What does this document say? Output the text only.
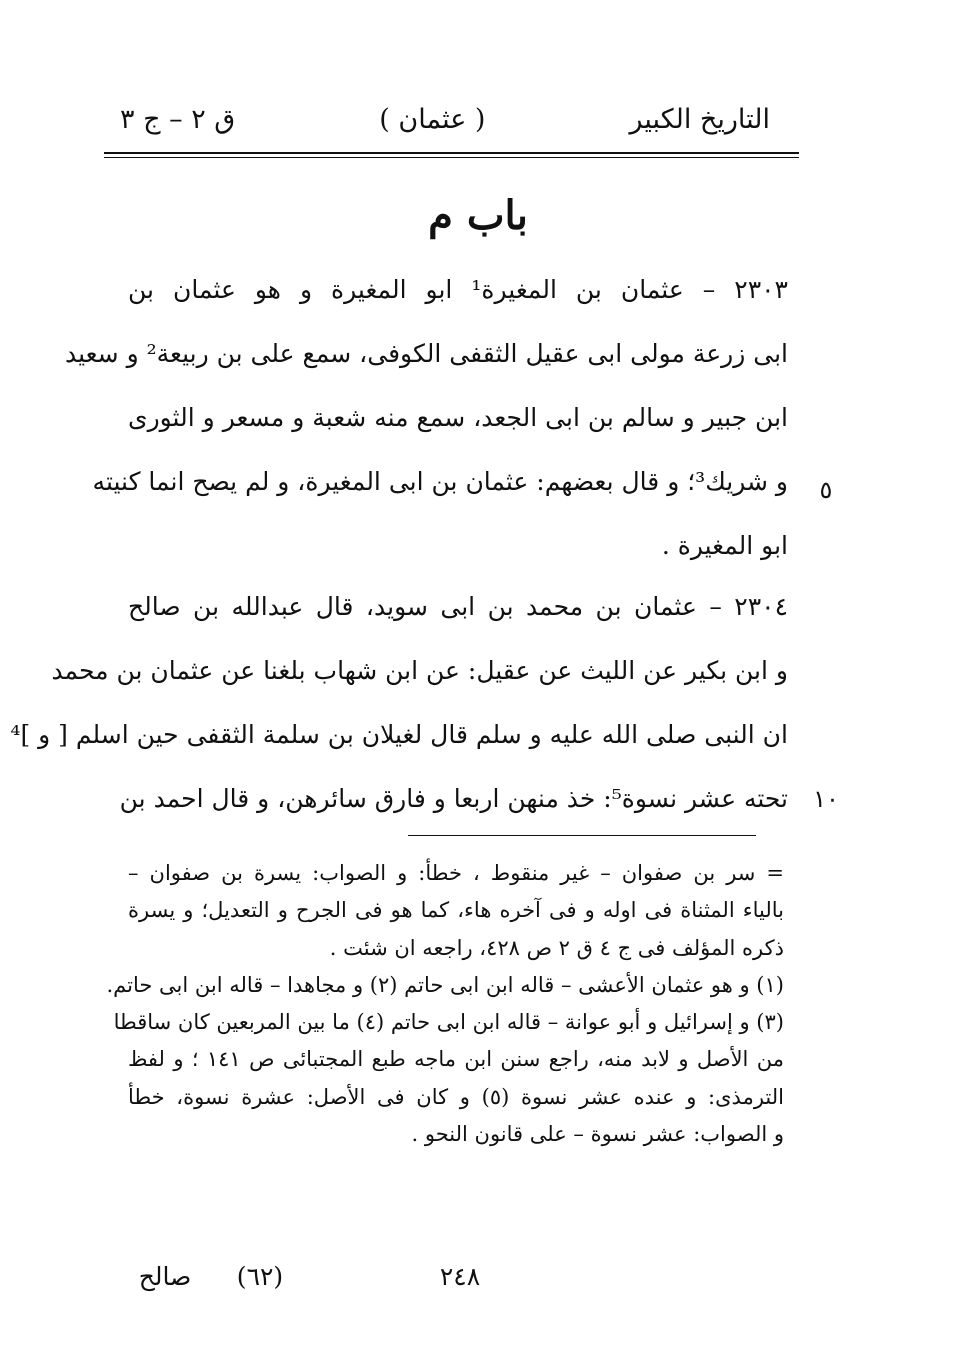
التاريخ الكبير
( عثمان )
ق ٢ – ج ٣
باب م
٢٣٠٣ – عثمان بن المغيرة¹ ابو المغيرة و هو عثمان بن
ابى زرعة مولى ابى عقيل الثقفى الكوفى، سمع على بن ربيعة² و سعيد
ابن جبير و سالم بن ابى الجعد، سمع منه شعبة و مسعر و الثورى
و شريك³؛ و قال بعضهم: عثمان بن ابى المغيرة، و لم يصح انما كنيته
ابو المغيرة .
٥
٢٣٠٤ – عثمان بن محمد بن ابى سويد، قال عبدالله بن صالح
و ابن بكير عن الليث عن عقيل: عن ابن شهاب بلغنا عن عثمان بن محمد
ان النبى صلى الله عليه و سلم قال لغيلان بن سلمة الثقفى حين اسلم [ و ]⁴
تحته عشر نسوة⁵: خذ منهن اربعا و فارق سائرهن، و قال احمد بن ١٠
= سر بن صفوان – غير منقوط ، خطأ: و الصواب: يسرة بن صفوان –
بالياء المثناة فى اوله و فى آخره هاء، كما هو فى الجرح و التعديل؛ و يسرة
ذكره المؤلف فى ج ٤ ق ٢ ص ٤٢٨، راجعه ان شئت .
(١) و هو عثمان الأعشى – قاله ابن ابى حاتم (٢) و مجاهدا – قاله ابن ابى حاتم.
(٣) و إسرائيل و أبو عوانة – قاله ابن ابى حاتم (٤) ما بين المربعين كان ساقطا
من الأصل و لابد منه، راجع سنن ابن ماجه طبع المجتبائى ص ١٤١ ؛ و لفظ
الترمذى: و عنده عشر نسوة (٥) و كان فى الأصل: عشرة نسوة، خطأ
و الصواب: عشر نسوة – على قانون النحو .
٢٤٨
(٦٢)
صالح
